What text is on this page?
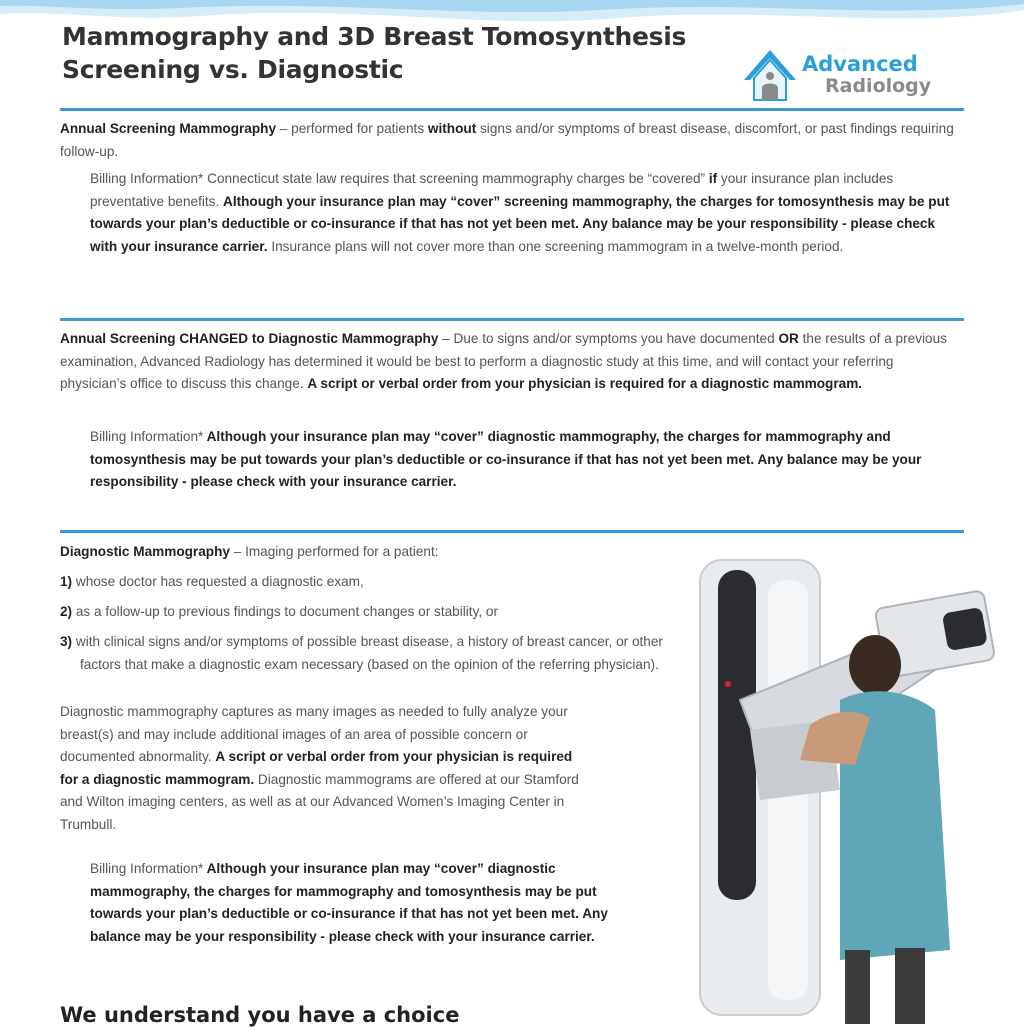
Mammography and 3D Breast Tomosynthesis
Screening vs. Diagnostic	Advanced
Radiology
Annual Screening Mammography – performed for patients without signs and/or symptoms of breast disease, discomfort, or past findings requiring follow-up.
Billing Information* Connecticut state law requires that screening mammography charges be “covered” if your insurance plan includes preventative benefits. Although your insurance plan may “cover” screening mammography, the charges for tomosynthesis may be put towards your plan’s deductible or co-insurance if that has not yet been met. Any balance may be your responsibility - please check with your insurance carrier. Insurance plans will not cover more than one screening mammogram in a twelve-month period.
Annual Screening CHANGED to Diagnostic Mammography – Due to signs and/or symptoms you have documented OR the results of a previous examination, Advanced Radiology has determined it would be best to perform a diagnostic study at this time, and will contact your referring physician’s office to discuss this change. A script or verbal order from your physician is required for a diagnostic mammogram.
Billing Information* Although your insurance plan may “cover” diagnostic mammography, the charges for mammography and tomosynthesis may be put towards your plan’s deductible or co-insurance if that has not yet been met. Any balance may be your responsibility - please check with your insurance carrier.
Diagnostic Mammography – Imaging performed for a patient:
1) whose doctor has requested a diagnostic exam,
2) as a follow-up to previous findings to document changes or stability, or
3) with clinical signs and/or symptoms of possible breast disease, a history of breast cancer, or other factors that make a diagnostic exam necessary (based on the opinion of the referring physician).
Diagnostic mammography captures as many images as needed to fully analyze your breast(s) and may include additional images of an area of possible concern or documented abnormality. A script or verbal order from your physician is required for a diagnostic mammogram. Diagnostic mammograms are offered at our Stamford and Wilton imaging centers, as well as at our Advanced Women’s Imaging Center in Trumbull.
Billing Information* Although your insurance plan may “cover” diagnostic mammography, the charges for mammography and tomosynthesis may be put towards your plan’s deductible or co-insurance if that has not yet been met. Any balance may be your responsibility - please check with your insurance carrier.
We understand you have a choice
